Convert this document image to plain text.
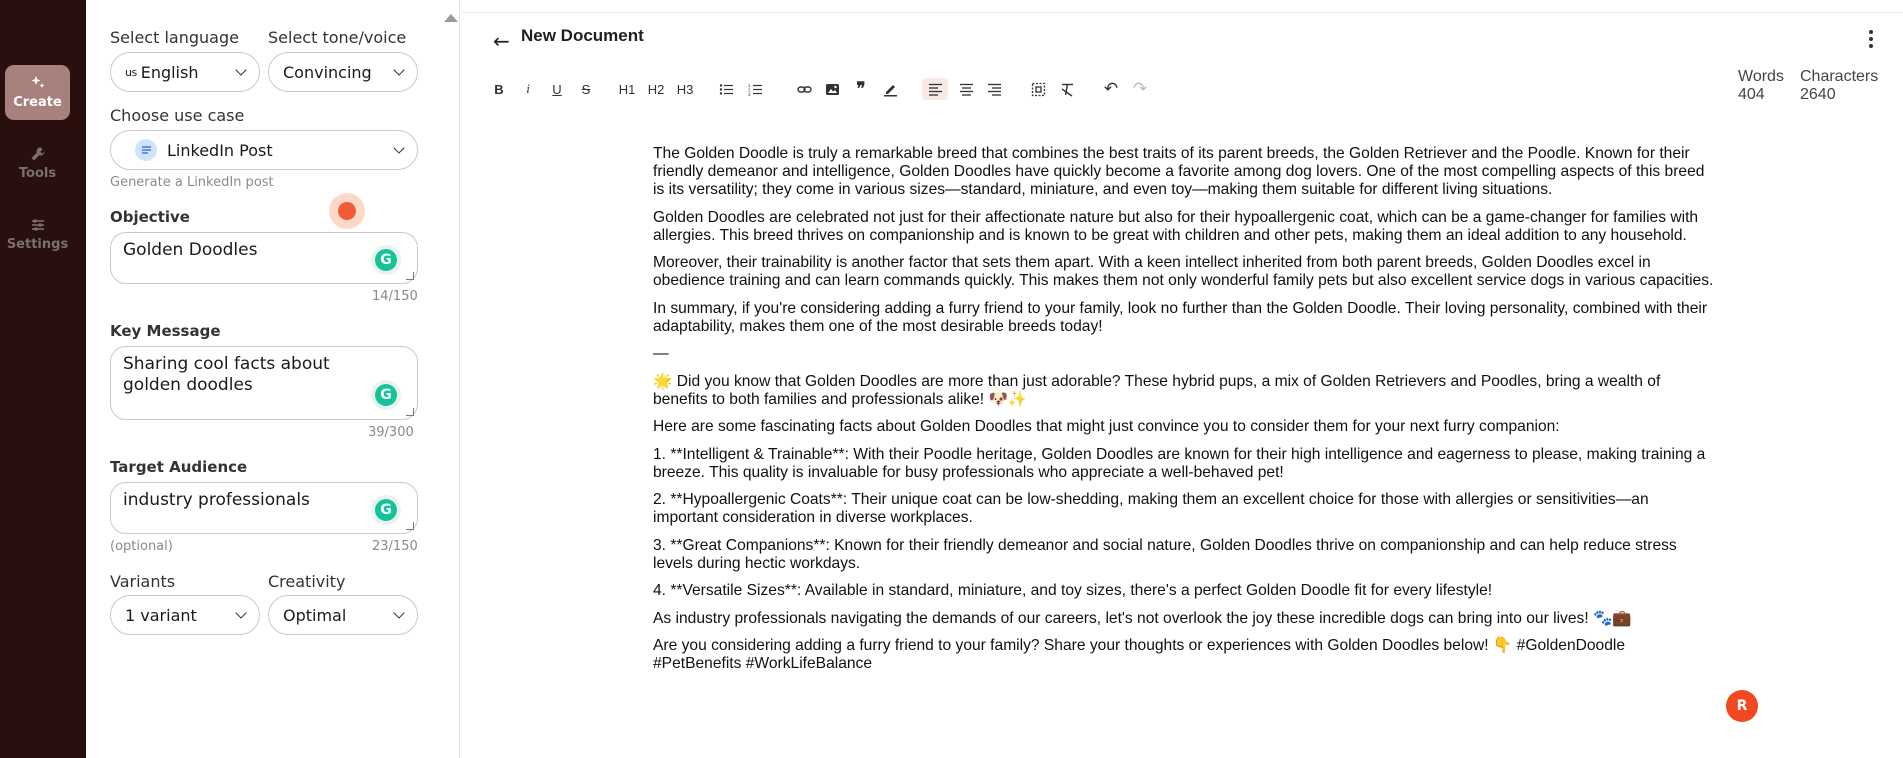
Create
Tools
Settings
Select language Select tone/voice
us English	Convincing
Choose use case
LinkedIn Post
Generate a LinkedIn post
Objective
Golden Doodles	G
14/150
Key Message
Sharing cool facts about golden doodles	G
39/300
Target Audience
industry professionals	G
(optional)	23/150
Variants	Creativity
1 variant	Optimal
← New Document
B	i	U S H1 H2 H3	1
2
3	❞	↶ ↷
Words
404
Characters
2640

The Golden Doodle is truly a remarkable breed that combines the best traits of its parent breeds, the Golden Retriever and the Poodle. Known for their friendly demeanor and intelligence, Golden Doodles have quickly become a favorite among dog lovers. One of the most compelling aspects of this breed is its versatility; they come in various sizes—standard, miniature, and even toy—making them suitable for different living situations.

Golden Doodles are celebrated not just for their affectionate nature but also for their hypoallergenic coat, which can be a game-changer for families with allergies. This breed thrives on companionship and is known to be great with children and other pets, making them an ideal addition to any household.

Moreover, their trainability is another factor that sets them apart. With a keen intellect inherited from both parent breeds, Golden Doodles excel in obedience training and can learn commands quickly. This makes them not only wonderful family pets but also excellent service dogs in various capacities.

In summary, if you're considering adding a furry friend to your family, look no further than the Golden Doodle. Their loving personality, combined with their adaptability, makes them one of the most desirable breeds today!

—

🌟 Did you know that Golden Doodles are more than just adorable? These hybrid pups, a mix of Golden Retrievers and Poodles, bring a wealth of benefits to both families and professionals alike! 🐶✨

Here are some fascinating facts about Golden Doodles that might just convince you to consider them for your next furry companion:

1. **Intelligent & Trainable**: With their Poodle heritage, Golden Doodles are known for their high intelligence and eagerness to please, making training a breeze. This quality is invaluable for busy professionals who appreciate a well-behaved pet!

2. **Hypoallergenic Coats**: Their unique coat can be low-shedding, making them an excellent choice for those with allergies or sensitivities—an important consideration in diverse workplaces.

3. **Great Companions**: Known for their friendly demeanor and social nature, Golden Doodles thrive on companionship and can help reduce stress levels during hectic workdays.

4. **Versatile Sizes**: Available in standard, miniature, and toy sizes, there's a perfect Golden Doodle fit for every lifestyle!

As industry professionals navigating the demands of our careers, let's not overlook the joy these incredible dogs can bring into our lives! 🐾💼

Are you considering adding a furry friend to your family? Share your thoughts or experiences with Golden Doodles below! 👇 #GoldenDoodle #PetBenefits #WorkLifeBalance

R
